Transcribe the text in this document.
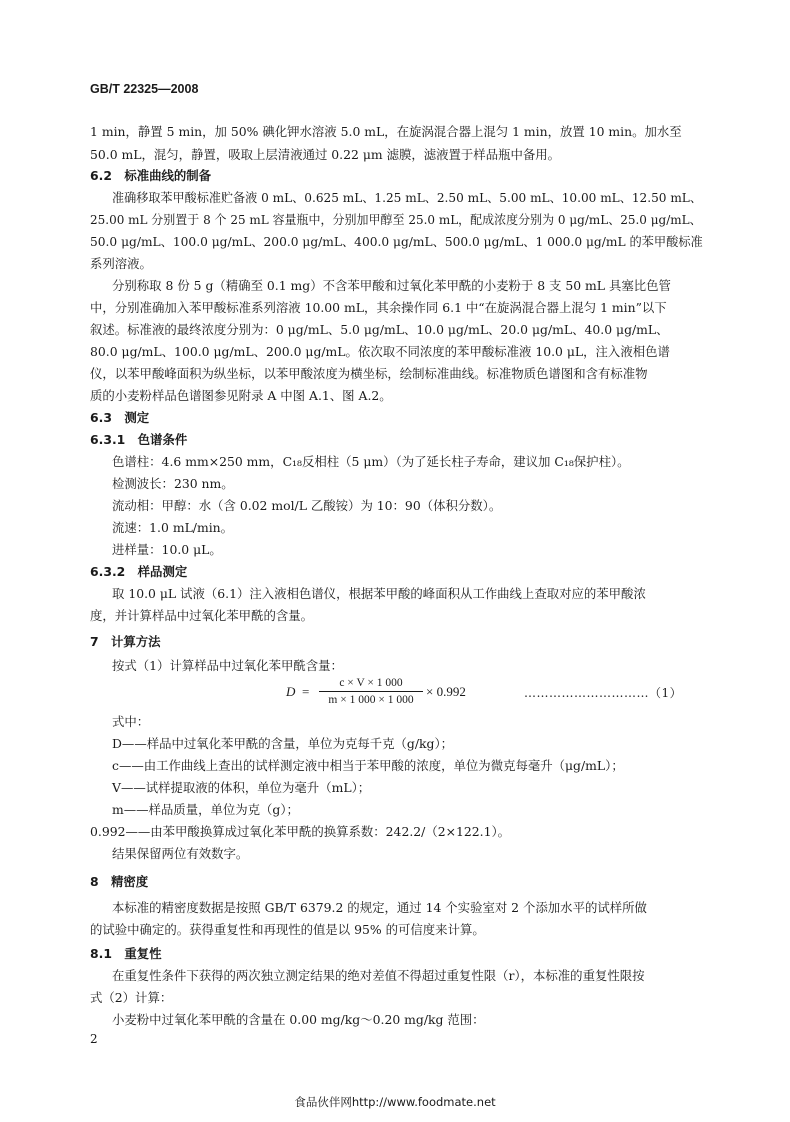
GB/T 22325—2008
1 min，静置 5 min，加 50% 碘化钾水溶液 5.0 mL，在旋涡混合器上混匀 1 min，放置 10 min。加水至
50.0 mL，混匀，静置，吸取上层清液通过 0.22 μm 滤膜，滤液置于样品瓶中备用。
6.2　标准曲线的制备
准确移取苯甲酸标准贮备液 0 mL、0.625 mL、1.25 mL、2.50 mL、5.00 mL、10.00 mL、12.50 mL、
25.00 mL 分别置于 8 个 25 mL 容量瓶中，分别加甲醇至 25.0 mL，配成浓度分别为 0 μg/mL、25.0 μg/mL、
50.0 μg/mL、100.0 μg/mL、200.0 μg/mL、400.0 μg/mL、500.0 μg/mL、1 000.0 μg/mL 的苯甲酸标准
系列溶液。
分别称取 8 份 5 g（精确至 0.1 mg）不含苯甲酸和过氧化苯甲酰的小麦粉于 8 支 50 mL 具塞比色管
中，分别准确加入苯甲酸标准系列溶液 10.00 mL，其余操作同 6.1 中“在旋涡混合器上混匀 1 min”以下
叙述。标准液的最终浓度分别为：0 μg/mL、5.0 μg/mL、10.0 μg/mL、20.0 μg/mL、40.0 μg/mL、
80.0 μg/mL、100.0 μg/mL、200.0 μg/mL。依次取不同浓度的苯甲酸标准液 10.0 μL，注入液相色谱
仪，以苯甲酸峰面积为纵坐标，以苯甲酸浓度为横坐标，绘制标准曲线。标准物质色谱图和含有标准物
质的小麦粉样品色谱图参见附录 A 中图 A.1、图 A.2。
6.3　测定
6.3.1　色谱条件
色谱柱：4.6 mm×250 mm，C₁₈反相柱（5 μm）（为了延长柱子寿命，建议加 C₁₈保护柱）。
检测波长：230 nm。
流动相：甲醇：水（含 0.02 mol/L 乙酸铵）为 10：90（体积分数）。
流速：1.0 mL/min。
进样量：10.0 μL。
6.3.2　样品测定
取 10.0 μL 试液（6.1）注入液相色谱仪，根据苯甲酸的峰面积从工作曲线上查取对应的苯甲酸浓
度，并计算样品中过氧化苯甲酰的含量。
7　计算方法
按式（1）计算样品中过氧化苯甲酰含量：
D =
c × V × 1 000
m × 1 000 × 1 000
× 0.992	…………………………（1）
式中：
D——样品中过氧化苯甲酰的含量，单位为克每千克（g/kg）；
c——由工作曲线上查出的试样测定液中相当于苯甲酸的浓度，单位为微克每毫升（μg/mL）；
V——试样提取液的体积，单位为毫升（mL）；
m——样品质量，单位为克（g）；
0.992——由苯甲酸换算成过氧化苯甲酰的换算系数：242.2/（2×122.1）。
结果保留两位有效数字。
8　精密度
本标准的精密度数据是按照 GB/T 6379.2 的规定，通过 14 个实验室对 2 个添加水平的试样所做
的试验中确定的。获得重复性和再现性的值是以 95% 的可信度来计算。
8.1　重复性
在重复性条件下获得的两次独立测定结果的绝对差值不得超过重复性限（r），本标准的重复性限按
式（2）计算：
小麦粉中过氧化苯甲酰的含量在 0.00 mg/kg～0.20 mg/kg 范围：
2
食品伙伴网http://www.foodmate.net
